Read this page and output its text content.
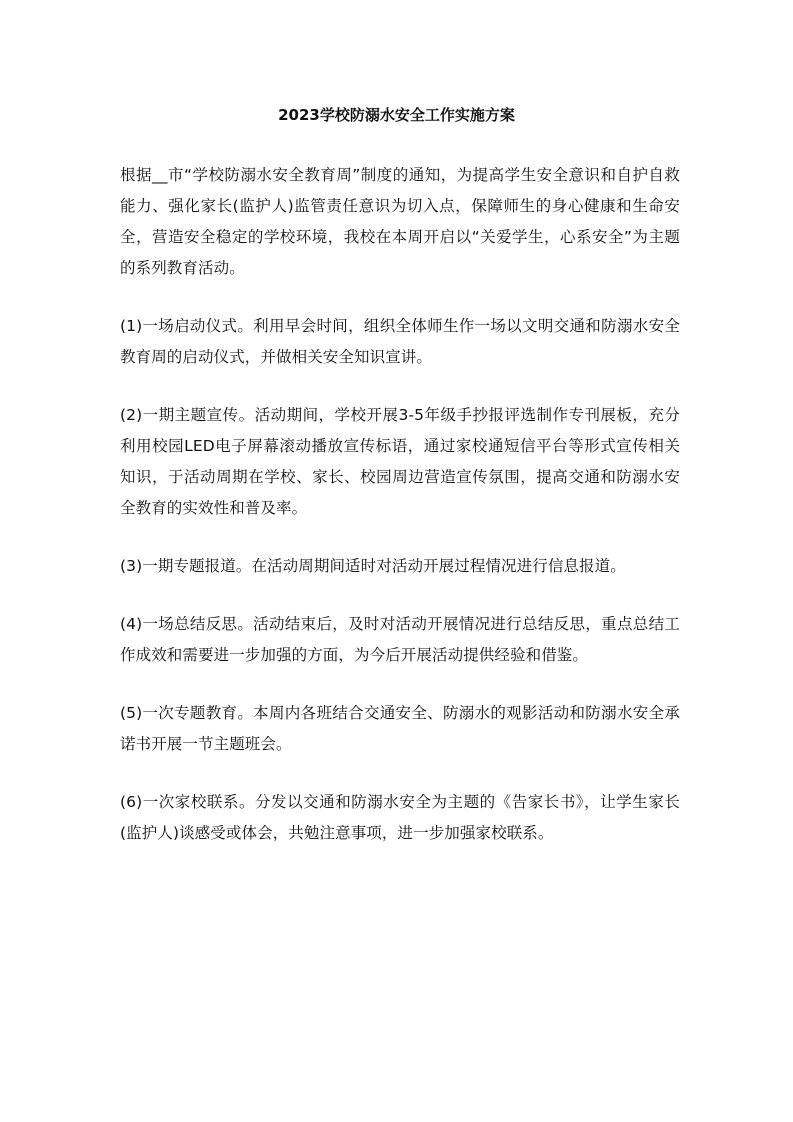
2023学校防溺水安全工作实施方案

根据__市“学校防溺水安全教育周”制度的通知，为提高学生安全意识和自护自救能力、强化家长(监护人)监管责任意识为切入点，保障师生的身心健康和生命安全，营造安全稳定的学校环境，我校在本周开启以“关爱学生，心系安全”为主题的系列教育活动。

(1)一场启动仪式。利用早会时间，组织全体师生作一场以文明交通和防溺水安全教育周的启动仪式，并做相关安全知识宣讲。

(2)一期主题宣传。活动期间，学校开展3-5年级手抄报评选制作专刊展板，充分利用校园LED电子屏幕滚动播放宣传标语，通过家校通短信平台等形式宣传相关知识，于活动周期在学校、家长、校园周边营造宣传氛围，提高交通和防溺水安全教育的实效性和普及率。

(3)一期专题报道。在活动周期间适时对活动开展过程情况进行信息报道。

(4)一场总结反思。活动结束后，及时对活动开展情况进行总结反思，重点总结工作成效和需要进一步加强的方面，为今后开展活动提供经验和借鉴。

(5)一次专题教育。本周内各班结合交通安全、防溺水的观影活动和防溺水安全承诺书开展一节主题班会。

(6)一次家校联系。分发以交通和防溺水安全为主题的《告家长书》，让学生家长(监护人)谈感受或体会，共勉注意事项，进一步加强家校联系。
